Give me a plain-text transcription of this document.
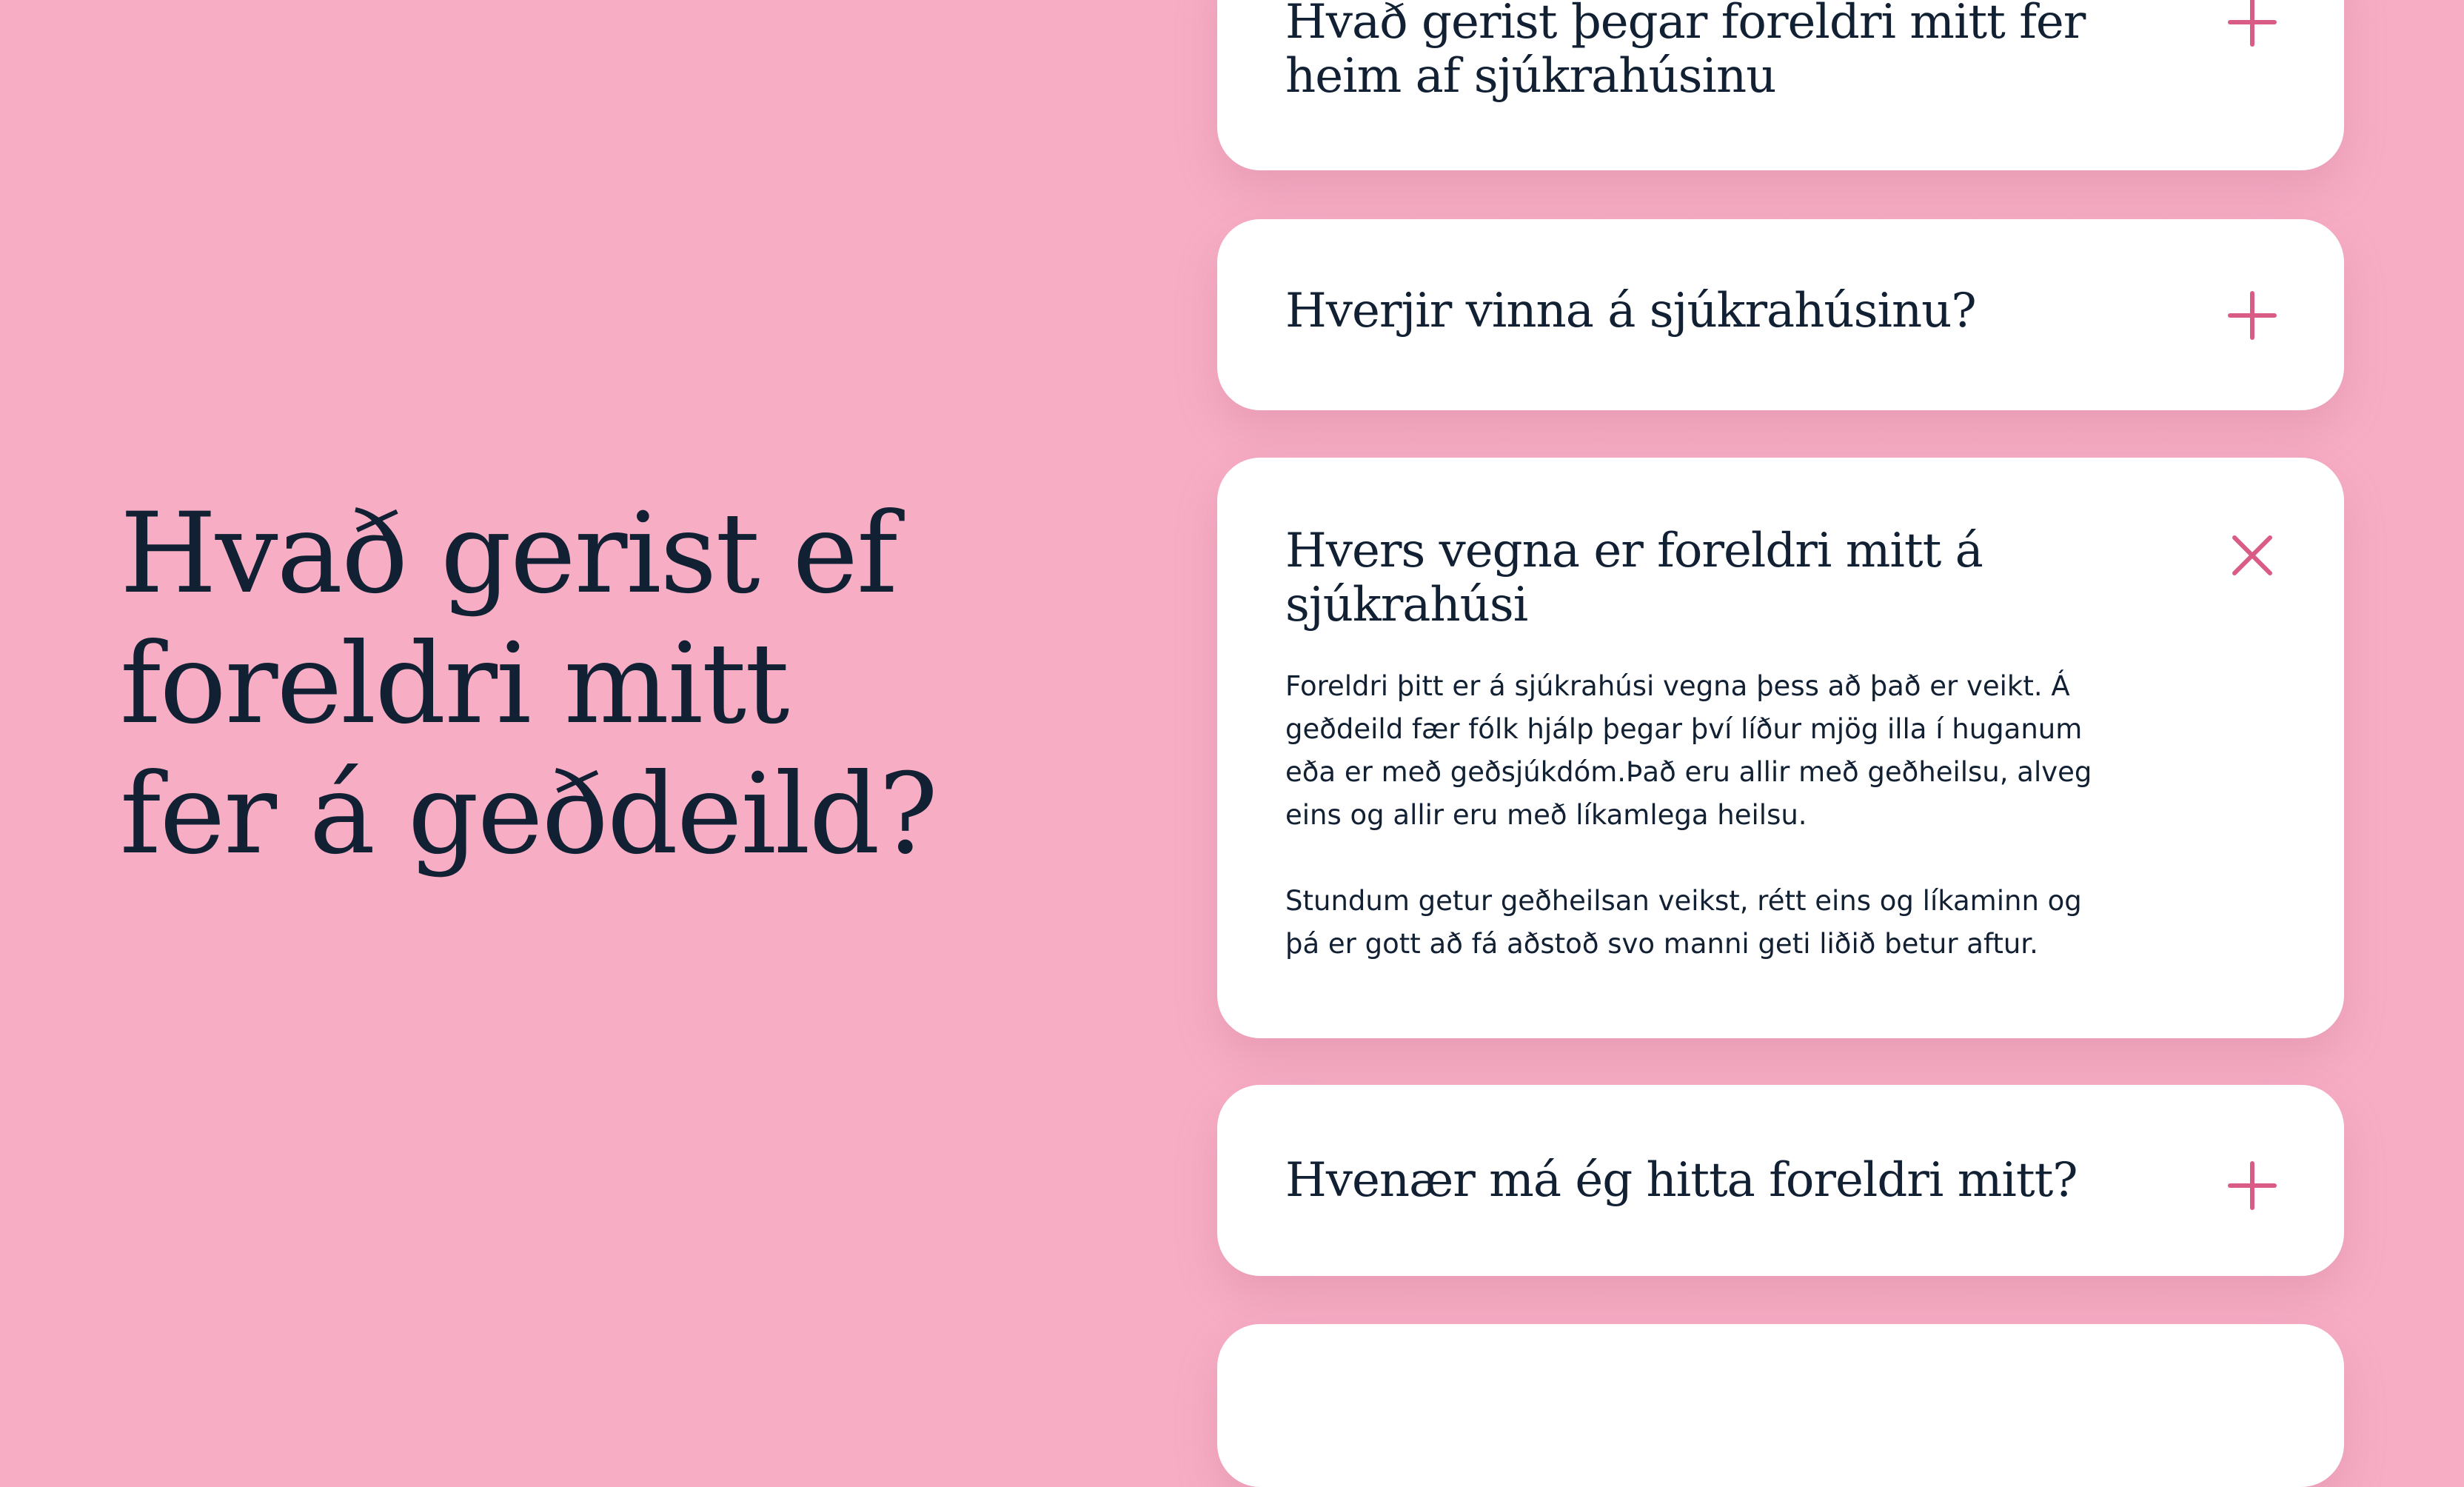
Hvað gerist ef
foreldri mitt
fer á geðdeild?
Hvað gerist þegar foreldri mitt fer heim af sjúkrahúsinu
Hverjir vinna á sjúkrahúsinu?
Hvers vegna er foreldri mitt á sjúkrahúsi

Foreldri þitt er á sjúkrahúsi vegna þess að það er veikt. Á geðdeild fær fólk hjálp þegar því líður mjög illa í huganum eða er með geðsjúkdóm.Það eru allir með geðheilsu, alveg eins og allir eru með líkamlega heilsu.

Stundum getur geðheilsan veikst, rétt eins og líkaminn og þá er gott að fá aðstoð svo manni geti liðið betur aftur.

Hvenær má ég hitta foreldri mitt?
